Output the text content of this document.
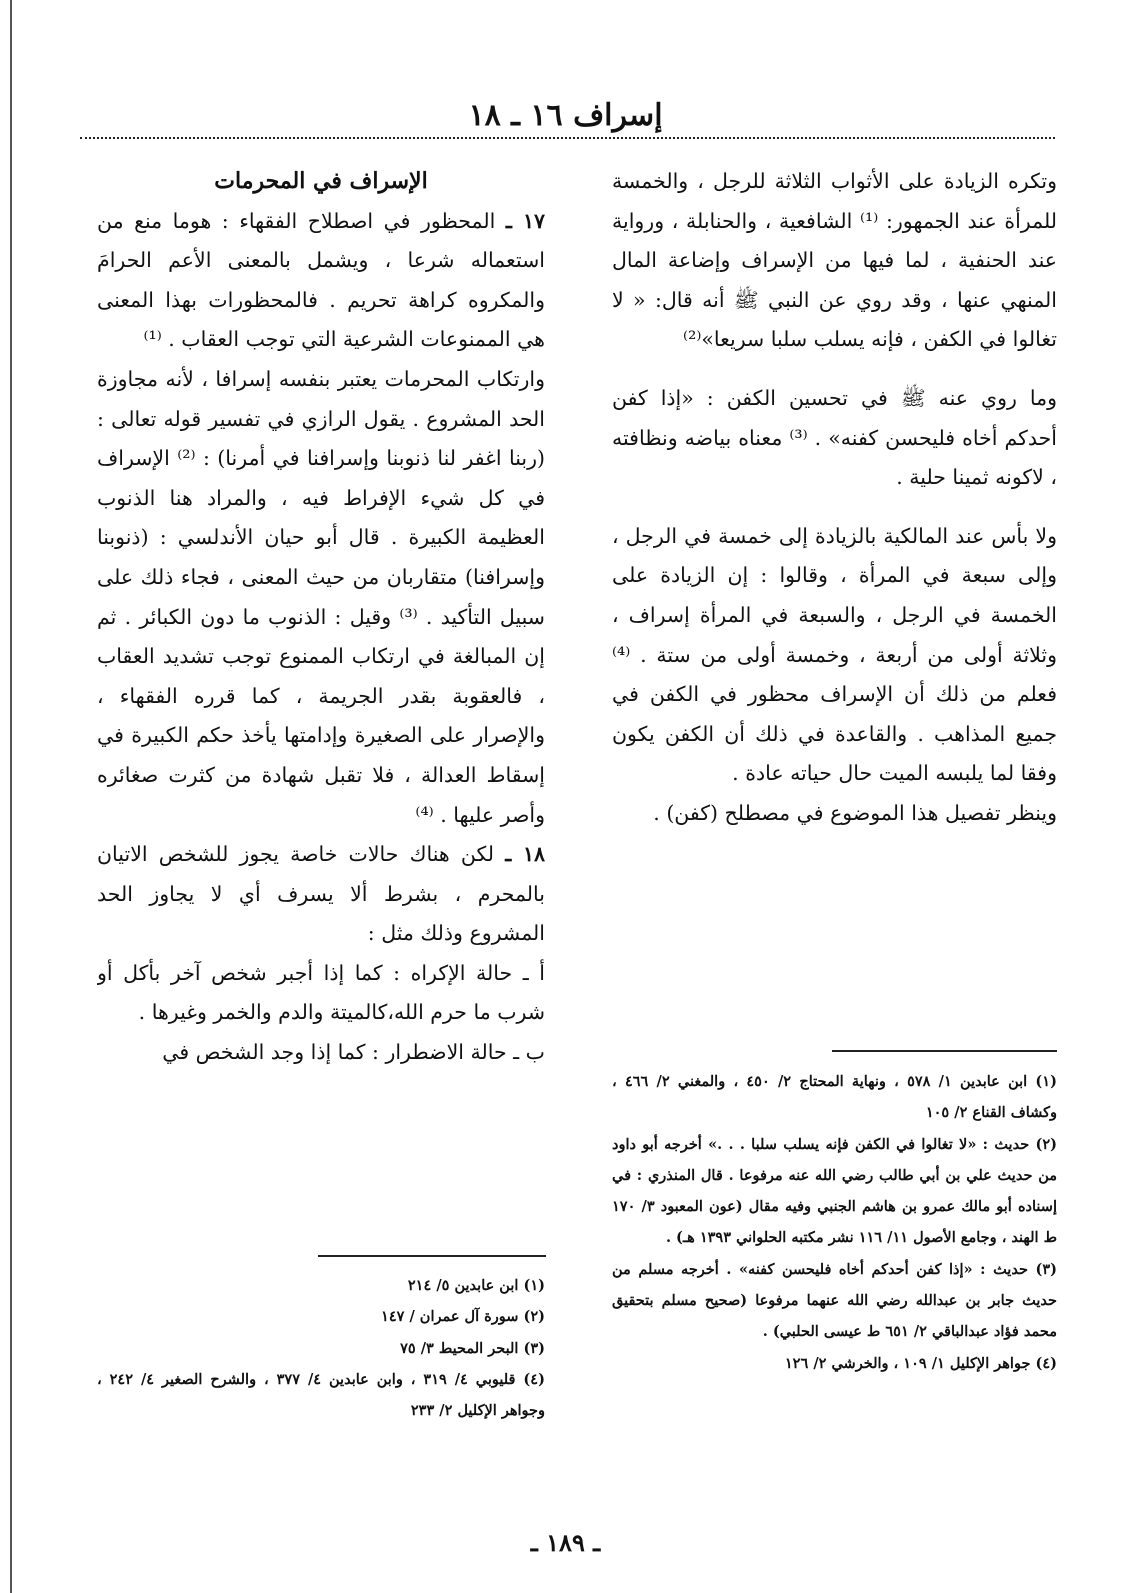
إسراف ١٦ ـ ١٨

وتكره الزيادة على الأثواب الثلاثة للرجل ، والخمسة للمرأة عند الجمهور: ⁽¹⁾ الشافعية ، والحنابلة ، ورواية عند الحنفية ، لما فيها من الإسراف وإضاعة المال المنهي عنها ، وقد روي عن النبي ﷺ أنه قال: « لا تغالوا في الكفن ، فإنه يسلب سلبا سريعا»⁽²⁾

وما روي عنه ﷺ في تحسين الكفن : «إذا كفن أحدكم أخاه فليحسن كفنه» . ⁽³⁾ معناه بياضه ونظافته ، لاكونه ثمينا حلية .

ولا بأس عند المالكية بالزيادة إلى خمسة في الرجل ، وإلى سبعة في المرأة ، وقالوا : إن الزيادة على الخمسة في الرجل ، والسبعة في المرأة إسراف ، وثلاثة أولى من أربعة ، وخمسة أولى من ستة . ⁽⁴⁾ فعلم من ذلك أن الإسراف محظور في الكفن في جميع المذاهب . والقاعدة في ذلك أن الكفن يكون وفقا لما يلبسه الميت حال حياته عادة .

وينظر تفصيل هذا الموضوع في مصطلح (كفن) .

الإسراف في المحرمات

١٧ ـ المحظور في اصطلاح الفقهاء : هوما منع من استعماله شرعا ، ويشمل بالمعنى الأعم الحرامَ والمكروه كراهة تحريم . فالمحظورات بهذا المعنى هي الممنوعات الشرعية التي توجب العقاب . ⁽¹⁾

وارتكاب المحرمات يعتبر بنفسه إسرافا ، لأنه مجاوزة الحد المشروع . يقول الرازي في تفسير قوله تعالى : (ربنا اغفر لنا ذنوبنا وإسرافنا في أمرنا) : ⁽²⁾ الإسراف في كل شيء الإفراط فيه ، والمراد هنا الذنوب العظيمة الكبيرة . قال أبو حيان الأندلسي : (ذنوبنا وإسرافنا) متقاربان من حيث المعنى ، فجاء ذلك على سبيل التأكيد . ⁽³⁾ وقيل : الذنوب ما دون الكبائر . ثم إن المبالغة في ارتكاب الممنوع توجب تشديد العقاب ، فالعقوبة بقدر الجريمة ، كما قرره الفقهاء ، والإصرار على الصغيرة وإدامتها يأخذ حكم الكبيرة في إسقاط العدالة ، فلا تقبل شهادة من كثرت صغائره وأصر عليها . ⁽⁴⁾

١٨ ـ لكن هناك حالات خاصة يجوز للشخص الاتيان بالمحرم ، بشرط ألا يسرف أي لا يجاوز الحد المشروع وذلك مثل :

أ ـ حالة الإكراه : كما إذا أجبر شخص آخر بأكل أو شرب ما حرم الله،كالميتة والدم والخمر وغيرها .

ب ـ حالة الاضطرار : كما إذا وجد الشخص في

(١) ابن عابدين ١/ ٥٧٨ ، ونهاية المحتاج ٢/ ٤٥٠ ، والمغني ٢/ ٤٦٦ ، وكشاف القناع ٢/ ١٠٥

(٢) حديث : «لا تغالوا في الكفن فإنه يسلب سلبا . . .» أخرجه أبو داود من حديث علي بن أبي طالب رضي الله عنه مرفوعا . قال المنذري : في إسناده أبو مالك عمرو بن هاشم الجنبي وفيه مقال (عون المعبود ٣/ ١٧٠ ط الهند ، وجامع الأصول ١١/ ١١٦ نشر مكتبه الحلواني ١٣٩٣ هـ) .

(٣) حديث : «إذا كفن أحدكم أخاه فليحسن كفنه» . أخرجه مسلم من حديث جابر بن عبدالله رضي الله عنهما مرفوعا (صحيح مسلم بتحقيق محمد فؤاد عبدالباقي ٢/ ٦٥١ ط عيسى الحلبي) .

(٤) جواهر الإكليل ١/ ١٠٩ ، والخرشي ٢/ ١٢٦

(١) ابن عابدين ٥/ ٢١٤

(٢) سورة آل عمران / ١٤٧

(٣) البحر المحيط ٣/ ٧٥

(٤) قليوبي ٤/ ٣١٩ ، وابن عابدين ٤/ ٣٧٧ ، والشرح الصغير ٤/ ٢٤٢ ، وجواهر الإكليل ٢/ ٢٣٣

ـ ١٨٩ ـ
